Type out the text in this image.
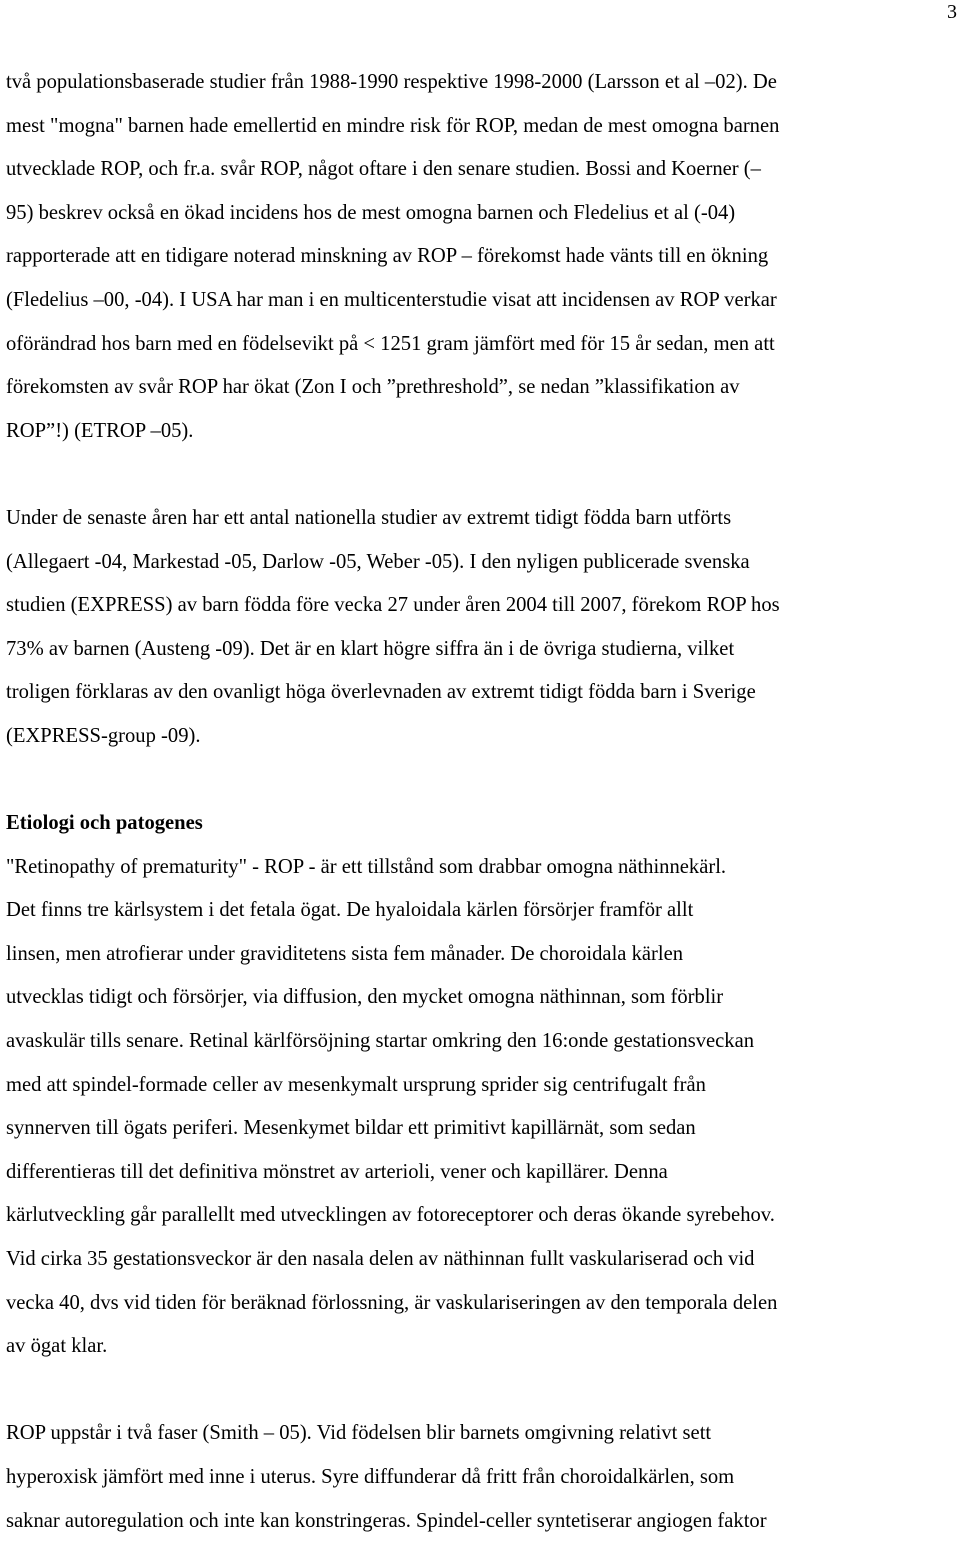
3

två populationsbaserade studier från 1988-1990 respektive 1998-2000 (Larsson et al –02). De
mest "mogna" barnen hade emellertid en mindre risk för ROP, medan de mest omogna barnen
utvecklade ROP, och fr.a. svår ROP, något oftare i den senare studien. Bossi and Koerner (–
95) beskrev också en ökad incidens hos de mest omogna barnen och Fledelius et al (-04)
rapporterade att en tidigare noterad minskning av ROP – förekomst hade vänts till en ökning
(Fledelius –00, -04). I USA har man i en multicenterstudie visat att incidensen av ROP verkar
oförändrad hos barn med en födelsevikt på < 1251 gram jämfört med för 15 år sedan, men att
förekomsten av svår ROP har ökat (Zon I och ”prethreshold”, se nedan ”klassifikation av
ROP”!) (ETROP –05).

Under de senaste åren har ett antal nationella studier av extremt tidigt födda barn utförts
(Allegaert -04, Markestad -05, Darlow -05, Weber -05). I den nyligen publicerade svenska
studien (EXPRESS) av barn födda före vecka 27 under åren 2004 till 2007, förekom ROP hos
73% av barnen (Austeng -09). Det är en klart högre siffra än i de övriga studierna, vilket
troligen förklaras av den ovanligt höga överlevnaden av extremt tidigt födda barn i Sverige
(EXPRESS-group -09).

Etiologi och patogenes

"Retinopathy of prematurity" - ROP - är ett tillstånd som drabbar omogna näthinnekärl.
Det finns tre kärlsystem i det fetala ögat. De hyaloidala kärlen försörjer framför allt
linsen, men atrofierar under graviditetens sista fem månader. De choroidala kärlen
utvecklas tidigt och försörjer, via diffusion, den mycket omogna näthinnan, som förblir
avaskulär tills senare. Retinal kärlförsöjning startar omkring den 16:onde gestationsveckan
med att spindel-formade celler av mesenkymalt ursprung sprider sig centrifugalt från
synnerven till ögats periferi. Mesenkymet bildar ett primitivt kapillärnät, som sedan
differentieras till det definitiva mönstret av arterioli, vener och kapillärer. Denna
kärlutveckling går parallellt med utvecklingen av fotoreceptorer och deras ökande syrebehov.
Vid cirka 35 gestationsveckor är den nasala delen av näthinnan fullt vaskulariserad och vid
vecka 40, dvs vid tiden för beräknad förlossning, är vaskulariseringen av den temporala delen
av ögat klar.

ROP uppstår i två faser (Smith – 05). Vid födelsen blir barnets omgivning relativt sett
hyperoxisk jämfört med inne i uterus. Syre diffunderar då fritt från choroidalkärlen, som
saknar autoregulation och inte kan konstringeras. Spindel-celler syntetiserar angiogen faktor
